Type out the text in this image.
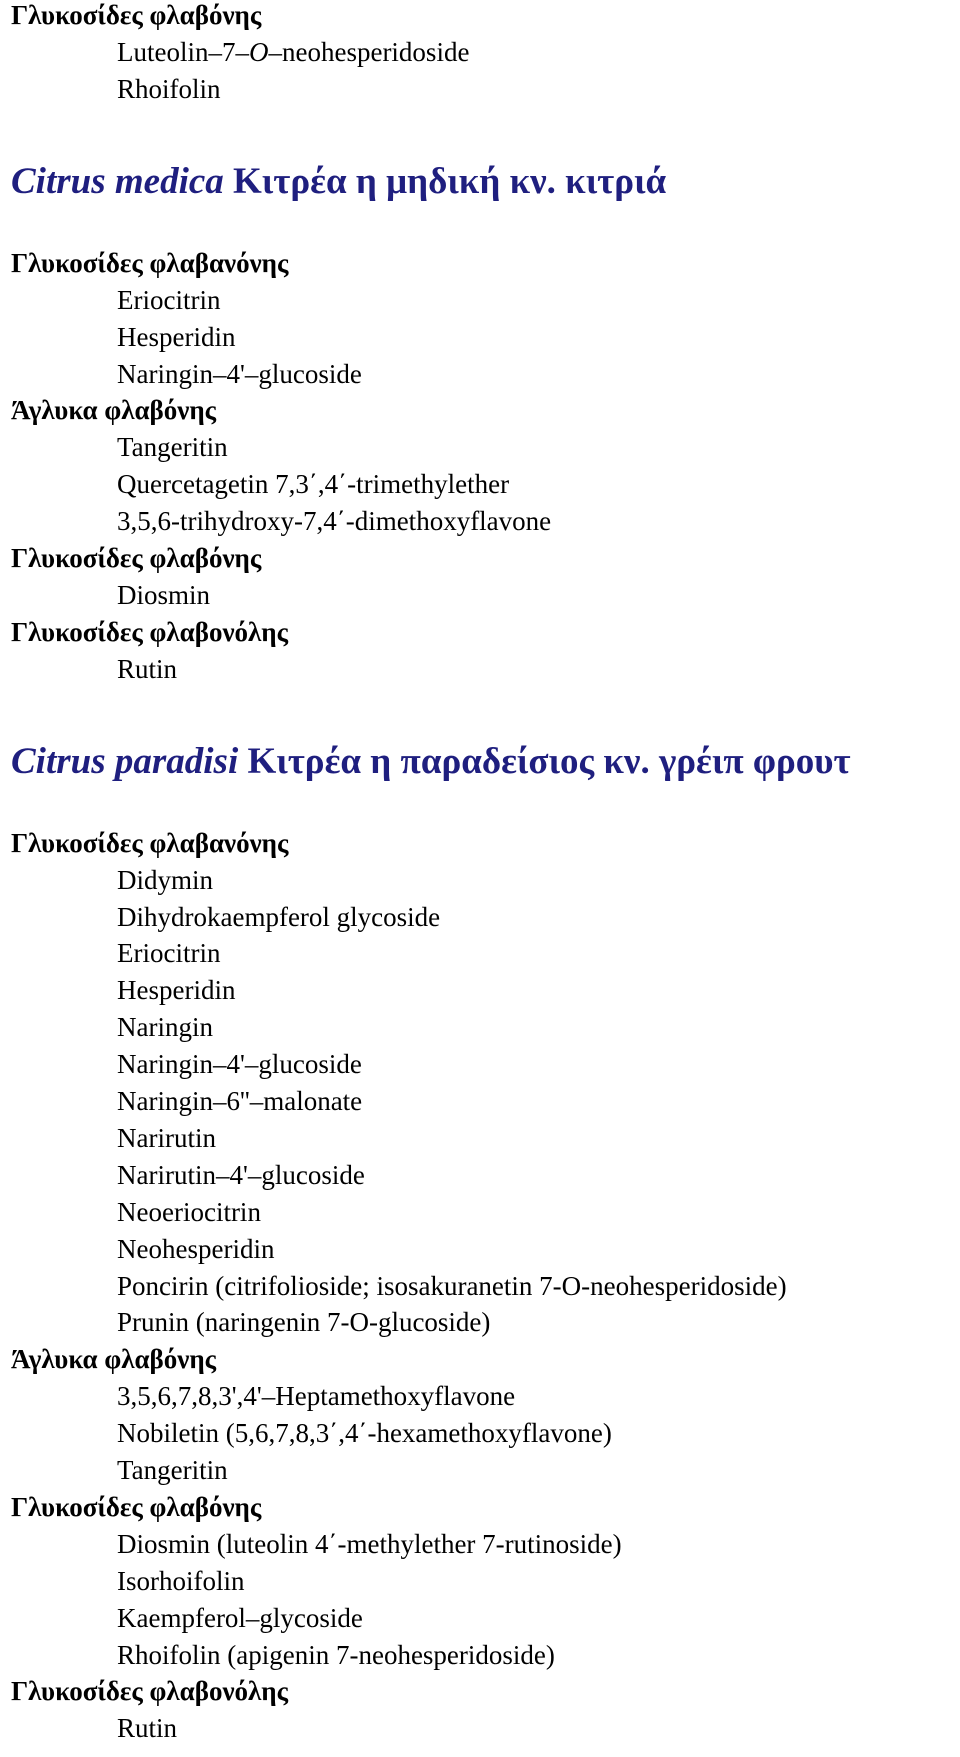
Γλυκοσίδες φλαβόνης
Luteolin–7–O–neohesperidoside
Rhoifolin
Citrus medica Κιτρέα η μηδική κν. κιτριά
Γλυκοσίδες φλαβανόνης
Eriocitrin
Hesperidin
Naringin–4'–glucoside
Άγλυκα φλαβόνης
Tangeritin
Quercetagetin 7,3΄,4΄-trimethylether
3,5,6-trihydroxy-7,4΄-dimethoxyflavone
Γλυκοσίδες φλαβόνης
Diosmin
Γλυκοσίδες φλαβονόλης
Rutin
Citrus paradisi Κιτρέα η παραδείσιος κν. γρέιπ φρουτ
Γλυκοσίδες φλαβανόνης
Didymin
Dihydrokaempferol glycoside
Eriocitrin
Hesperidin
Naringin
Naringin–4'–glucoside
Naringin–6''–malonate
Narirutin
Narirutin–4'–glucoside
Neoeriocitrin
Neohesperidin
Poncirin (citrifolioside; isosakuranetin 7-O-neohesperidoside)
Prunin (naringenin 7-O-glucoside)
Άγλυκα φλαβόνης
3,5,6,7,8,3',4'–Heptamethoxyflavone
Nobiletin (5,6,7,8,3΄,4΄-hexamethoxyflavone)
Tangeritin
Γλυκοσίδες φλαβόνης
Diosmin (luteolin 4΄-methylether 7-rutinoside)
Isorhoifolin
Kaempferol–glycoside
Rhoifolin (apigenin 7-neohesperidoside)
Γλυκοσίδες φλαβονόλης
Rutin
